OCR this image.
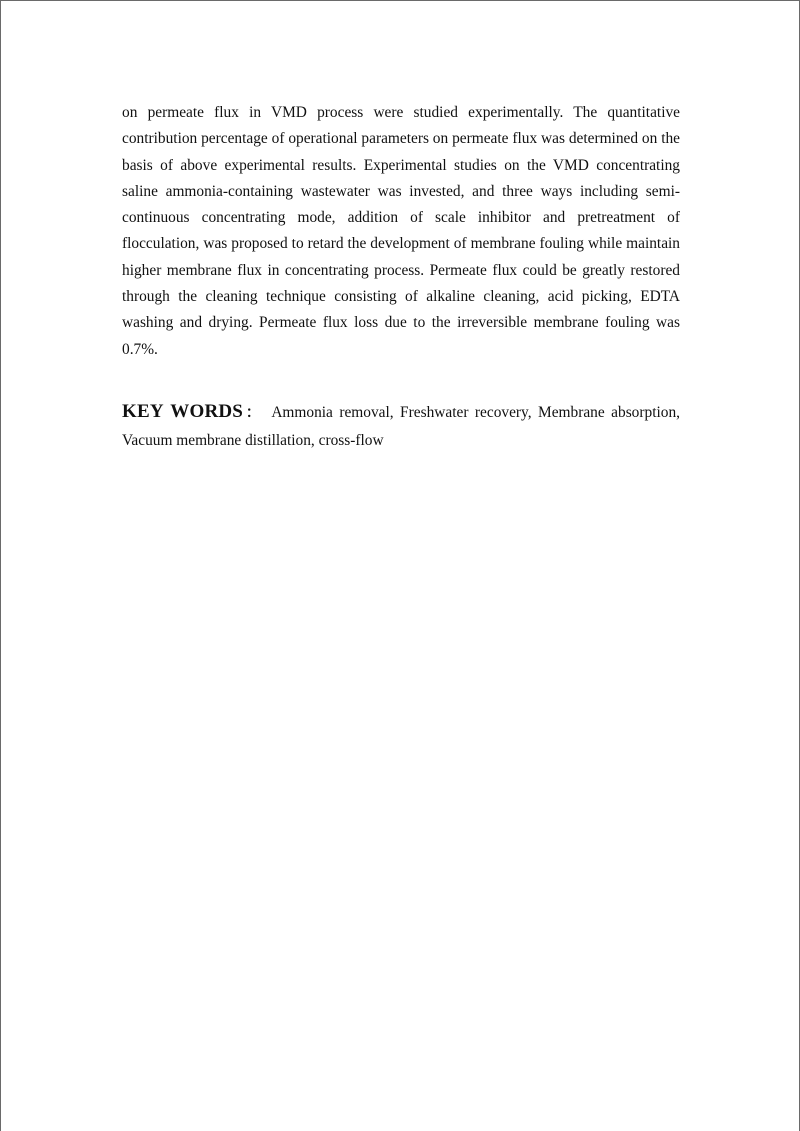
on permeate flux in VMD process were studied experimentally. The quantitative contribution percentage of operational parameters on permeate flux was determined on the basis of above experimental results. Experimental studies on the VMD concentrating saline ammonia-containing wastewater was invested, and three ways including semi-continuous concentrating mode, addition of scale inhibitor and pretreatment of flocculation, was proposed to retard the development of membrane fouling while maintain higher membrane flux in concentrating process. Permeate flux could be greatly restored through the cleaning technique consisting of alkaline cleaning, acid picking, EDTA washing and drying. Permeate flux loss due to the irreversible membrane fouling was 0.7%.

KEY WORDS： Ammonia removal, Freshwater recovery, Membrane absorption, Vacuum membrane distillation, cross-flow
